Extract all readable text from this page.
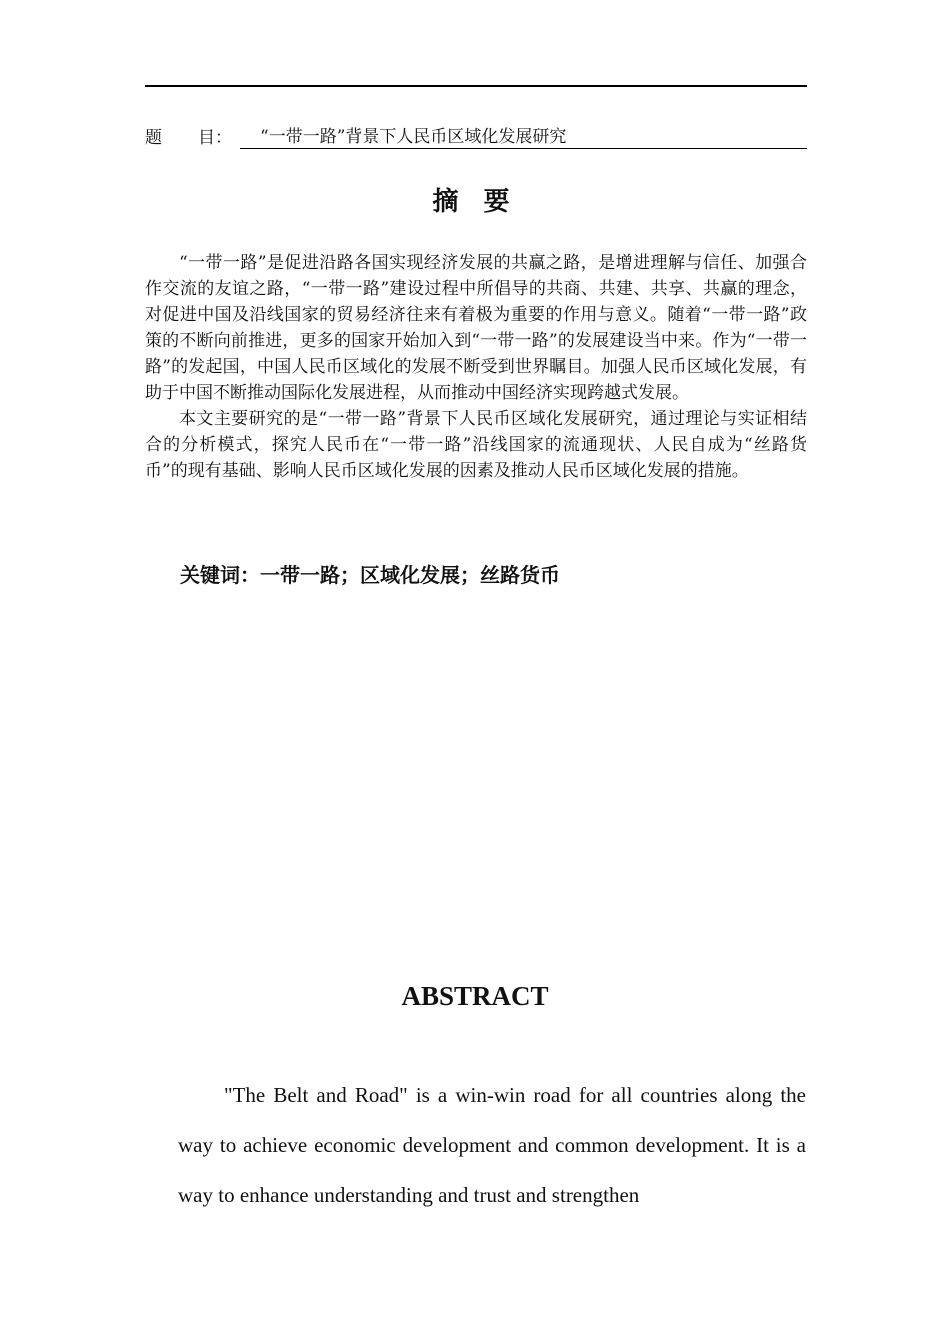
题 目：	“一带一路”背景下人民币区域化发展研究
摘 要

“一带一路”是促进沿路各国实现经济发展的共赢之路，是增进理解与信任、加强合作交流的友谊之路，“一带一路”建设过程中所倡导的共商、共建、共享、共赢的理念，对促进中国及沿线国家的贸易经济往来有着极为重要的作用与意义。随着“一带一路”政策的不断向前推进，更多的国家开始加入到“一带一路”的发展建设当中来。作为“一带一路”的发起国，中国人民币区域化的发展不断受到世界瞩目。加强人民币区域化发展，有助于中国不断推动国际化发展进程，从而推动中国经济实现跨越式发展。

本文主要研究的是“一带一路”背景下人民币区域化发展研究，通过理论与实证相结合的分析模式，探究人民币在“一带一路”沿线国家的流通现状、人民自成为“丝路货币”的现有基础、影响人民币区域化发展的因素及推动人民币区域化发展的措施。

关键词：一带一路；区域化发展；丝路货币
ABSTRACT

"The Belt and Road" is a win-win road for all countries along the way to achieve economic development and common development. It is a way to enhance understanding and trust and strengthen
